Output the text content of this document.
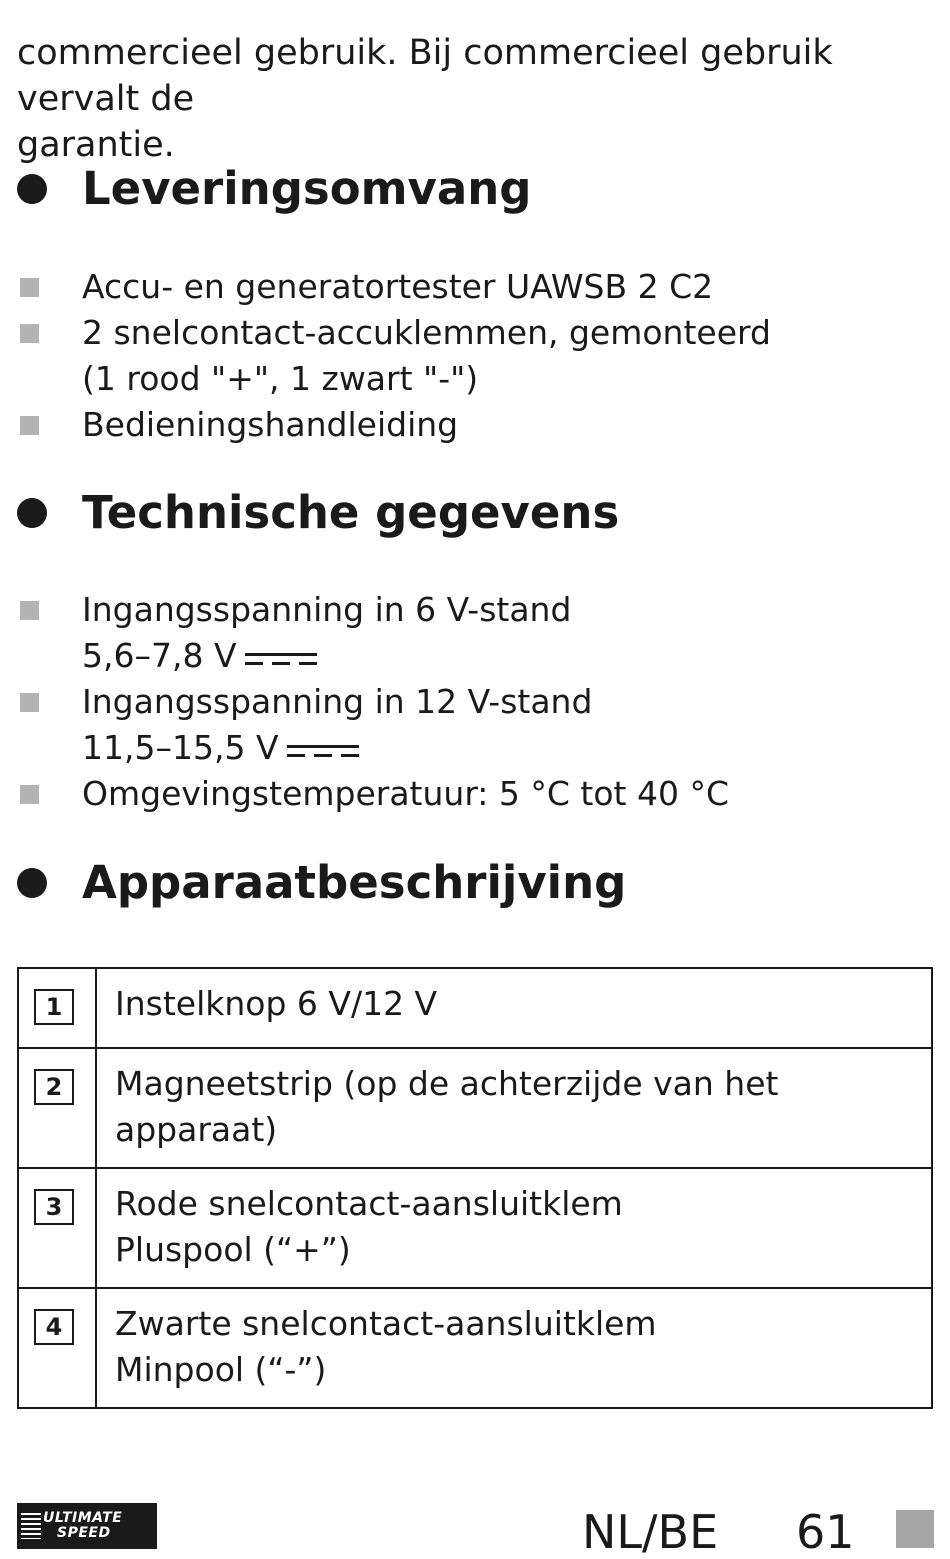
commercieel gebruik. Bij commercieel gebruik vervalt de
garantie.

Leveringsomvang
Accu- en generatortester UAWSB 2 C2
2 snelcontact-accuklemmen, gemonteerd
(1 rood "+", 1 zwart "-")
Bedieningshandleiding
Technische gegevens
Ingangsspanning in 6 V-stand
5,6–7,8 V
Ingangsspanning in 12 V-stand
11,5–15,5 V
Omgevingstemperatuur: 5 °C tot 40 °C
Apparaatbeschrijving
1	Instelknop 6 V/12 V

2	Magneetstrip (op de achterzijde van het apparaat)

3	Rode snelcontact-aansluitklem
Pluspool (“+”)

4	Zwarte snelcontact-aansluitklem
Minpool (“-”)
ULTIMATE
SPEED	NL/BE 61
